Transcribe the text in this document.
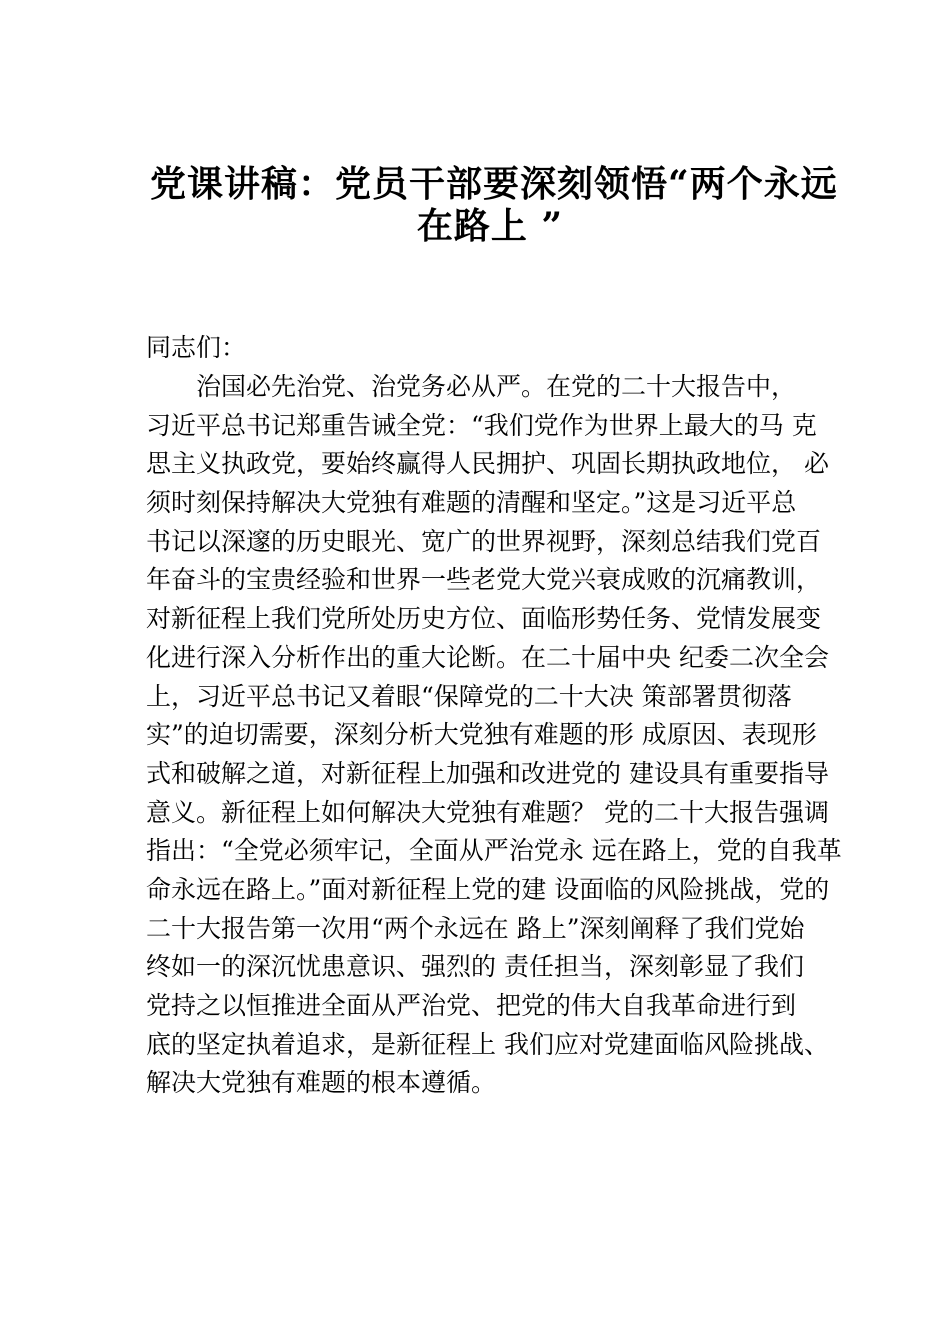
党课讲稿：党员干部要深刻领悟“两个永远
在路上 ”
同志们：
治国必先治党、治党务必从严。在党的二十大报告中，
习近平总书记郑重告诫全党：“我们党作为世界上最大的马 克
思主义执政党，要始终赢得人民拥护、巩固长期执政地位， 必
须时刻保持解决大党独有难题的清醒和坚定。”这是习近平总
书记以深邃的历史眼光、宽广的世界视野，深刻总结我们党百
年奋斗的宝贵经验和世界一些老党大党兴衰成败的沉痛教训，
对新征程上我们党所处历史方位、面临形势任务、党情发展变
化进行深入分析作出的重大论断。在二十届中央 纪委二次全会
上，习近平总书记又着眼“保障党的二十大决 策部署贯彻落
实”的迫切需要，深刻分析大党独有难题的形 成原因、表现形
式和破解之道，对新征程上加强和改进党的 建设具有重要指导
意义。新征程上如何解决大党独有难题？ 党的二十大报告强调
指出：“全党必须牢记，全面从严治党永 远在路上，党的自我革
命永远在路上。”面对新征程上党的建 设面临的风险挑战，党的
二十大报告第一次用“两个永远在 路上”深刻阐释了我们党始
终如一的深沉忧患意识、强烈的 责任担当，深刻彰显了我们
党持之以恒推进全面从严治党、把党的伟大自我革命进行到
底的坚定执着追求，是新征程上 我们应对党建面临风险挑战、
解决大党独有难题的根本遵循。
